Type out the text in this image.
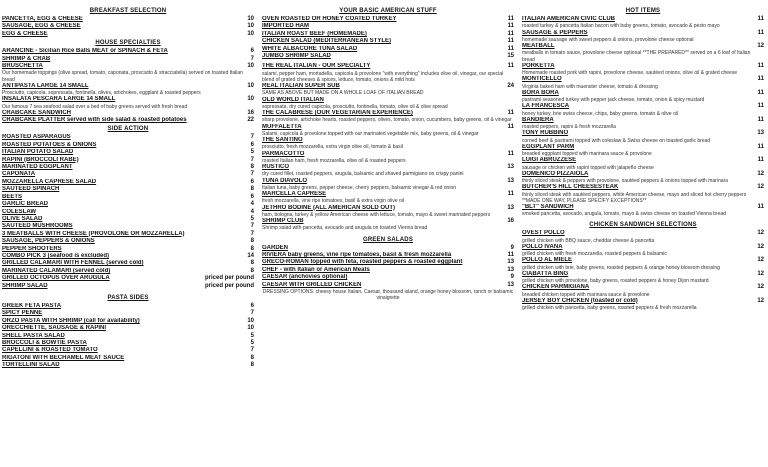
BREAKFAST SELECTION
PANCETTA, EGG & CHEESE	10
SAUSAGE, EGG & CHEESE	10
EGG & CHEESE	10
HOUSE SPECIALTIES
ARANCINE - Sicilian Rice Balls MEAT or SPINACH & FETA	6
SHRIMP & CRAB	7
BRUSCHETTA	10
Our homemade toppings (olive spread, tomato, caponata, prosciutto & stracciatella) served on toasted Italian bread
ANTIPASTA LARGE 14 SMALL	10
Prosciutto, capicola, sopressata, fontinella, olives, artichokes, eggplant & roasted peppers
INSALATA PESCARA LARGE 14 SMALL	10
Our famous 7 sea seafood salad over a bed of baby greens served with fresh bread
CRABCAKE SANDWICH	16
CRABCAKE PLATTER served with side salad & roasted potatoes	22
SIDE ACTION
ROASTED ASPARAGUS	7
ROASTED POTATOES & ONIONS	6
ITALIAN POTATO SALAD	5
RAPINI (BROCCOLI RABE)	7
MARINATED EGGPLANT	8
CAPONATA	7
MOZZARELLA CAPRESE SALAD	6
SAUTEED SPINACH	8
BEETS	6
GARLIC BREAD	4
COLESLAW	4
OLIVE SALAD	5
SAUTEED MUSHROOMS	7
3 MEATBALLS WITH CHEESE (PROVOLONE OR MOZZARELLA)	7
SAUSAGE, PEPPERS & ONIONS	8
PEPPER SHOOTERS	8
COMBO PICK 3 (seafood is excluded)	14
GRILLED CALAMARI WITH FENNEL (served cold)	8
MARINATED CALAMARI (served cold)	8
GRILLED OCTOPUS OVER ARUGULA	priced per pound
SHRIMP SALAD	priced per pound
PASTA SIDES
GREEK FETA PASTA	6
SPICY PENNE	7
ORZO PASTA WITH SHRIMP (call for availability)	10
ORECCHIETTE, SAUSAGE & RAPINI	10
SHELL PASTA SALAD	5
BROCCOLI & BOWTIE PASTA	5
CAPELLINI & ROASTED TOMATO	7
RIGATONI WITH BECHAMEL MEAT SAUCE	8
TORTELLINI SALAD	8
YOUR BASIC AMERICAN STUFF
OVEN ROASTED OR HONEY COATED TURKEY	11
IMPORTED HAM	11
ITALIAN ROAST BEEF (HOMEMADE)	11
CHICKEN SALAD (MEDITERRANEAN STYLE)	11
WHITE ALBACORE TUNA SALAD	11
JUMBO SHRIMP SALAD	15
THE REAL ITALIAN - OUR SPECIALTY	11
salami, pepper ham, mortadella, capicola & provolone "with everything" includes olive oil, vinegar, our special blend of grated cheeses & spices, lettuce, tomato, onions & mild hots
REAL ITALIAN SUPER SUB	24
SAME AS ABOVE BUT MADE ON A WHOLE LOAF OF ITALIAN BREAD
OLD WORLD ITALIAN
sopressata, dry cured capicola, prosciutto, fontinella, tomato, olive oil & olive spread
THE CALABRESE (OUR VEGETARIAN EXPERIENCE)	11
sharp provolone, artichoke hearts, roasted peppers, olives, tomato, onion, cucumbers, baby greens, oil & vinegar
MUFFALETTA	11
Salami, capicola & provolone topped with our marinated vegetable mix, baby greens, oil & vinegar
THE SANTINO
prosciutto, fresh mozzarella, extra virgin olive oil, tomato & basil
PARMACOTTO	11
roasted Italian ham, fresh mozzarella, olive oil & roasted peppers
RUSTICO	13
dry cured fillet, roasted peppers, arugula, balsamic and shaved parmigiano on crispy panini
TUNA DIAVOLO	13
Italian tuna, baby greens, pepper cheese, cherry peppers, balsamic vinegar & red onion
MARCELLA CAPRESE	11
fresh mozzarella, vine ripe tomatoes, basil & extra virgin olive oil
JETHRO BODINE (ALL AMERICAN SOLD OUT)	13
ham, bologna, turkey & yellow American cheese with lettuce, tomato, mayo & sweet marinated peppers
SHRIMP CLUB	16
Shrimp salad with pancetta, avocado and arugula on toasted Vienna bread
GREEN SALADS
GARDEN	9
RIVIERA baby greens, vine ripe tomatoes, basil & fresh mozzarella	11
GRECO-ROMAN topped with feta, roasted peppers & roasted eggplant	13
CHEF - with Italian or American Meats	13
CAESAR (anchovies optional)	9
CAESAR WITH GRILLED CHICKEN	13
DRESSING OPTIONS: cheesy house Italian, Caesar, thousand island, orange honey blossom, ranch or balsamic vinaigrette
HOT ITEMS
ITALIAN AMERICAN CIVIC CLUB	11
roasted turkey & pancetta Italian bacon with baby greens, tomato, avocado & pesto mayo
SAUSAGE & PEPPERS	11
homemade sausage with sweet peppers & onions, provolone cheese optional
MEATBALL	12
meatballs in tomato sauce, provolone cheese optional **THE PREPARED** served on a 6 loaf of Italian bread
PORKETTA	11
Homemade roasted pork with rapini, provolone cheese, sautéed onions, olive oil & grated cheese
MONTICELLO	11
Virginia baked ham with muenster cheese, tomato & dressing
BORA BORA	11
pastrami seasoned turkey with pepper jack cheese, tomato, onion & spicy mustard
LA FRANCESCA	11
honey turkey, brie swiss cheese, chips, baby greens, tomato & olive oil
BANDIERA	11
roasted peppers, rapini & fresh mozzarella
TONY RUBBINO	13
corned beef & pastrami topped with coleslaw & Swiss cheese on toasted garlic bread
EGGPLANT PARM	11
breaded eggplant topped with marinara sauce & provolone
LUIGI ABRUZZESE	11
sausage or chicken with rapini topped with jalapeño cheese
DOMENICO PIZZAIOLA	12
thinly sliced steak & peppers with provolone, sautéed peppers & onions topped with marinara
BUTCHER'S HILL CHEESESTEAK	12
thinly sliced steak with sautéed peppers, white American cheese, mayo and sliced hot cherry peppers **MADE ONE WAY, PLEASE SPECIFY EXCEPTIONS**
"BLT" SANDWICH	11
smoked pancetta, avocado, arugula, tomato, mayo & swiss cheese on toasted Vienna bread
CHICKEN SANDWICH SELECTIONS
OVEST POLLO	12
grilled chicken with BBQ sauce, cheddar cheese & pancetta
POLLO IVANA	12
grilled chicken with fresh mozzarella, roasted peppers & balsamic
POLLO AL MIELE	12
grilled chicken with brie, baby greens, roasted peppers & orange honey blossom dressing
CIABATTA BING	12
grilled chicken with provolone, baby greens, roasted peppers & honey Dijon mustard
CHICKEN PARMIGIANA	12
breaded chicken topped with marinara sauce & provolone
JERSEY BOY CHICKEN (toasted or cold)	12
grilled chicken with pancetta, baby greens, roasted peppers & fresh mozzarella
